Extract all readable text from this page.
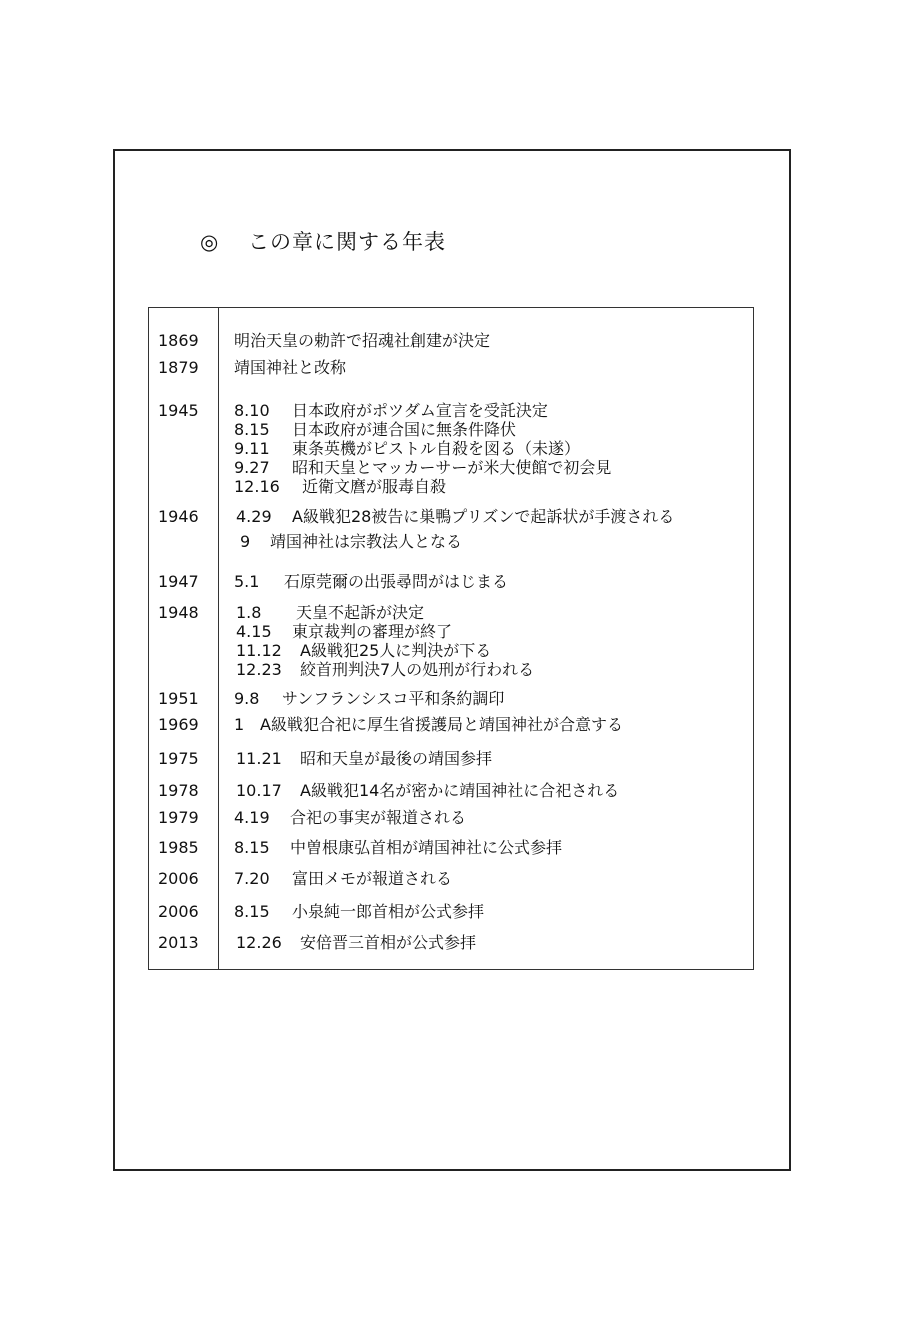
◎ この章に関する年表
1869
1879
1945
1946
1947
1948
1951
1969
1975
1978
1979
1985
2006
2006
2013
明治天皇の勅許で招魂社創建が決定
靖国神社と改称
8.10 日本政府がポツダム宣言を受託決定
8.15 日本政府が連合国に無条件降伏
9.11 東条英機がピストル自殺を図る（未遂）
9.27 昭和天皇とマッカーサーが米大使館で初会見
12.16 近衛文麿が服毒自殺
4.29 A級戦犯28被告に巣鴨プリズンで起訴状が手渡される
9 靖国神社は宗教法人となる
5.1 石原莞爾の出張尋問がはじまる
1.8 天皇不起訴が決定
4.15 東京裁判の審理が終了
11.12 A級戦犯25人に判決が下る
12.23 絞首刑判決7人の処刑が行われる
9.8 サンフランシスコ平和条約調印
1 A級戦犯合祀に厚生省援護局と靖国神社が合意する
11.21 昭和天皇が最後の靖国参拝
10.17 A級戦犯14名が密かに靖国神社に合祀される
4.19 合祀の事実が報道される
8.15 中曽根康弘首相が靖国神社に公式参拝
7.20 富田メモが報道される
8.15 小泉純一郎首相が公式参拝
12.26 安倍晋三首相が公式参拝
